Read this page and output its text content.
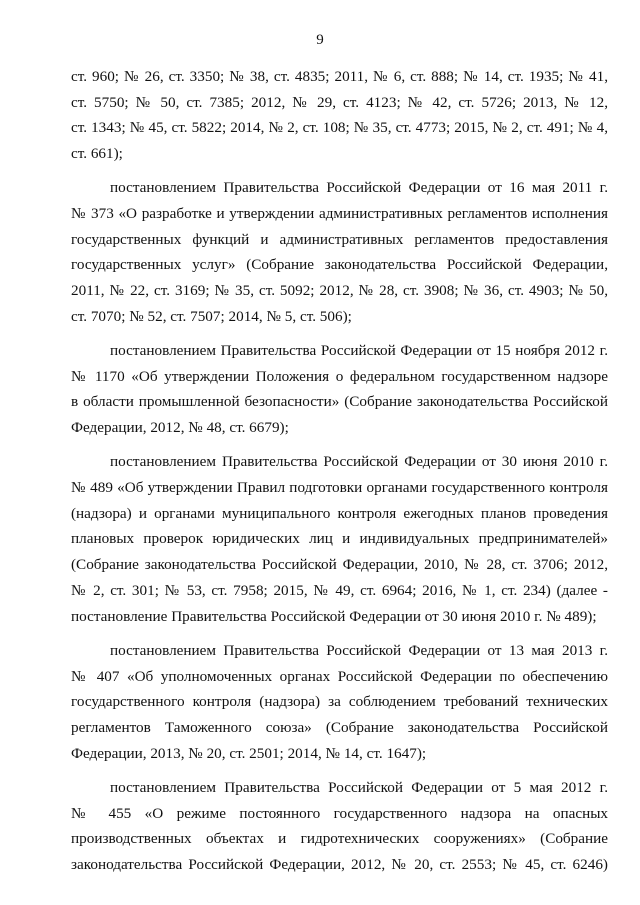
9
ст. 960; № 26, ст. 3350; № 38, ст. 4835; 2011, № 6, ст. 888; № 14, ст. 1935; № 41,
ст. 5750; № 50, ст. 7385; 2012, № 29, ст. 4123; № 42, ст. 5726; 2013, № 12,
ст. 1343; № 45, ст. 5822; 2014, № 2, ст. 108; № 35, ст. 4773; 2015, № 2, ст. 491; № 4,
ст. 661);
постановлением Правительства Российской Федерации от 16 мая 2011 г.
№ 373 «О разработке и утверждении административных регламентов исполнения
государственных функций и административных регламентов предоставления
государственных услуг» (Собрание законодательства Российской Федерации,
2011, № 22, ст. 3169; № 35, ст. 5092; 2012, № 28, ст. 3908; № 36, ст. 4903; № 50,
ст. 7070; № 52, ст. 7507; 2014, № 5, ст. 506);
постановлением Правительства Российской Федерации от 15 ноября 2012 г.
№ 1170 «Об утверждении Положения о федеральном государственном надзоре
в области промышленной безопасности» (Собрание законодательства Российской
Федерации, 2012, № 48, ст. 6679);
постановлением Правительства Российской Федерации от 30 июня 2010 г.
№ 489 «Об утверждении Правил подготовки органами государственного контроля
(надзора) и органами муниципального контроля ежегодных планов проведения
плановых проверок юридических лиц и индивидуальных предпринимателей»
(Собрание законодательства Российской Федерации, 2010, № 28, ст. 3706; 2012,
№ 2, ст. 301; № 53, ст. 7958; 2015, № 49, ст. 6964; 2016, № 1, ст. 234) (далее -
постановление Правительства Российской Федерации от 30 июня 2010 г. № 489);
постановлением Правительства Российской Федерации от 13 мая 2013 г.
№ 407 «Об уполномоченных органах Российской Федерации по обеспечению
государственного контроля (надзора) за соблюдением требований технических
регламентов Таможенного союза» (Собрание законодательства Российской
Федерации, 2013, № 20, ст. 2501; 2014, № 14, ст. 1647);
постановлением Правительства Российской Федерации от 5 мая 2012 г.
№ 455 «О режиме постоянного государственного надзора на опасных
производственных объектах и гидротехнических сооружениях» (Собрание
законодательства Российской Федерации, 2012, № 20, ст. 2553; № 45, ст. 6246)
